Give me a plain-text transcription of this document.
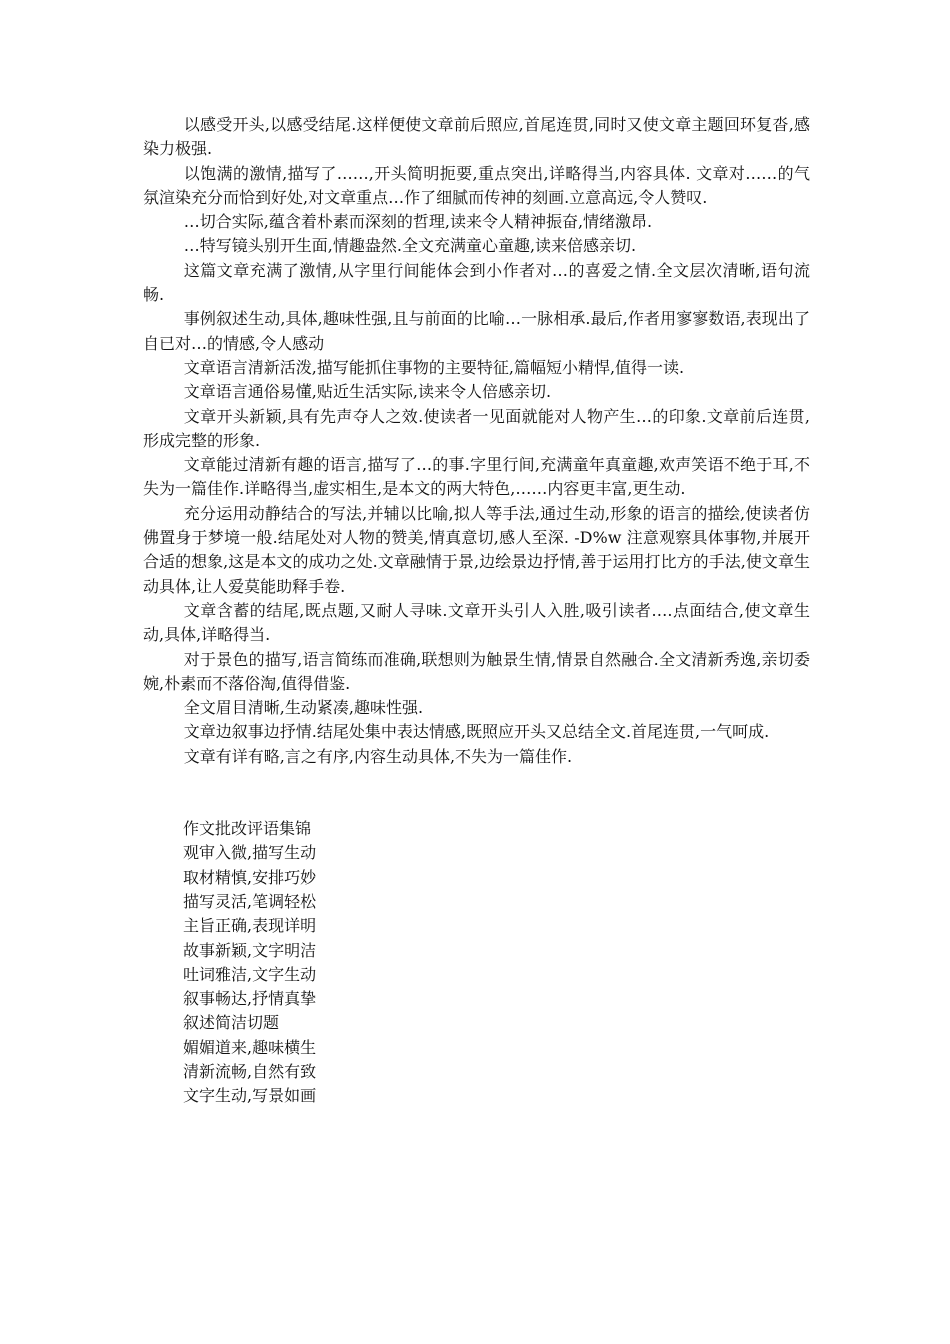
以感受开头,以感受结尾.这样便使文章前后照应,首尾连贯,同时又使文章主题回环复沓,感染力极强.

以饱满的激情,描写了……,开头简明扼要,重点突出,详略得当,内容具体. 文章对……的气氛渲染充分而恰到好处,对文章重点…作了细腻而传神的刻画.立意高远,令人赞叹.

…切合实际,蕴含着朴素而深刻的哲理,读来令人精神振奋,情绪激昂.

…特写镜头别开生面,情趣盎然.全文充满童心童趣,读来倍感亲切.

这篇文章充满了激情,从字里行间能体会到小作者对…的喜爱之情.全文层次清晰,语句流畅.

事例叙述生动,具体,趣味性强,且与前面的比喻…一脉相承.最后,作者用寥寥数语,表现出了自已对…的情感,令人感动

文章语言清新活泼,描写能抓住事物的主要特征,篇幅短小精悍,值得一读.

文章语言通俗易懂,贴近生活实际,读来令人倍感亲切.

文章开头新颖,具有先声夺人之效.使读者一见面就能对人物产生…的印象.文章前后连贯,形成完整的形象.

文章能过清新有趣的语言,描写了…的事.字里行间,充满童年真童趣,欢声笑语不绝于耳,不失为一篇佳作.详略得当,虚实相生,是本文的两大特色,……内容更丰富,更生动.

充分运用动静结合的写法,并辅以比喻,拟人等手法,通过生动,形象的语言的描绘,使读者仿佛置身于梦境一般.结尾处对人物的赞美,情真意切,感人至深. -D%w 注意观察具体事物,并展开合适的想象,这是本文的成功之处.文章融情于景,边绘景边抒情,善于运用打比方的手法,使文章生动具体,让人爱莫能助释手卷.

文章含蓄的结尾,既点题,又耐人寻味.文章开头引人入胜,吸引读者….点面结合,使文章生动,具体,详略得当.

对于景色的描写,语言简练而准确,联想则为触景生情,情景自然融合.全文清新秀逸,亲切委婉,朴素而不落俗淘,值得借鉴.

全文眉目清晰,生动紧凑,趣味性强.

文章边叙事边抒情.结尾处集中表达情感,既照应开头又总结全文.首尾连贯,一气呵成.

文章有详有略,言之有序,内容生动具体,不失为一篇佳作.

作文批改评语集锦

观审入微,描写生动

取材精慎,安排巧妙

描写灵活,笔调轻松

主旨正确,表现详明

故事新颖,文字明洁

吐词雅洁,文字生动

叙事畅达,抒情真挚

叙述简洁切题

媚媚道来,趣味横生

清新流畅,自然有致

文字生动,写景如画
